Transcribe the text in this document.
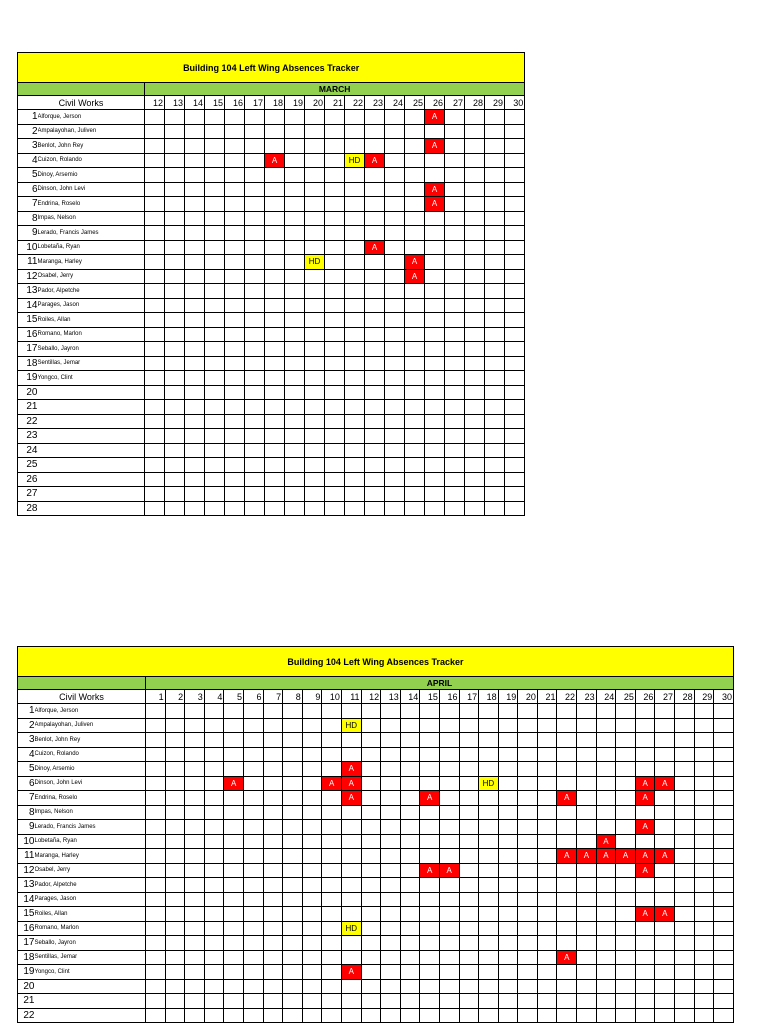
Building 104 Left Wing Absences Tracker																				
		MARCH																		
Civil Works		12	13	14	15	16	17	18	19	20	21	22	23	24	25	26	27	28	29	30
1	Alforque, Jerson															A				
2	Ampalayohan, Juliven																			
3	Benlot, John Rey															A				
4	Cuizon, Rolando							A				HD	A							
5	Dinoy, Arsemio																			
6	Dinson, John Levi															A				
7	Endrina, Roselo															A				
8	Impas, Nelson																			
9	Lerado, Francis James																			
10	Lobetaña, Ryan												A							
11	Maranga, Harley									HD					A					
12	Osabel, Jerry														A					
13	Pador, Alpetche																			
14	Parages, Jason																			
15	Roiles, Allan																			
16	Romano, Marlon																			
17	Seballo, Jayron																			
18	Sentillas, Jemar																			
19	Yongco, Clint																			
20																				
21																				
22																				
23																				
24																				
25																				
26																				
27																				
28																				
Building 104 Left Wing Absences Tracker																															
		APRIL																													
Civil Works		1	2	3	4	5	6	7	8	9	10	11	12	13	14	15	16	17	18	19	20	21	22	23	24	25	26	27	28	29	30
1	Alforque, Jerson																														
2	Ampalayohan, Juliven											HD																			
3	Benlot, John Rey																														
4	Cuizon, Rolando																														
5	Dinoy, Arsemio											A																			
6	Dinson, John Levi					A					A	A							HD								A	A			
7	Endrina, Roselo											A				A							A				A				
8	Impas, Nelson																														
9	Lerado, Francis James																										A				
10	Lobetaña, Ryan																								A						
11	Maranga, Harley																						A	A	A	A	A	A			
12	Osabel, Jerry															A	A										A				
13	Pador, Alpetche																														
14	Parages, Jason																														
15	Roiles, Allan																										A	A			
16	Romano, Marlon											HD																			
17	Seballo, Jayron																														
18	Sentillas, Jemar																						A								
19	Yongco, Clint											A																			
20																															
21																															
22																															
